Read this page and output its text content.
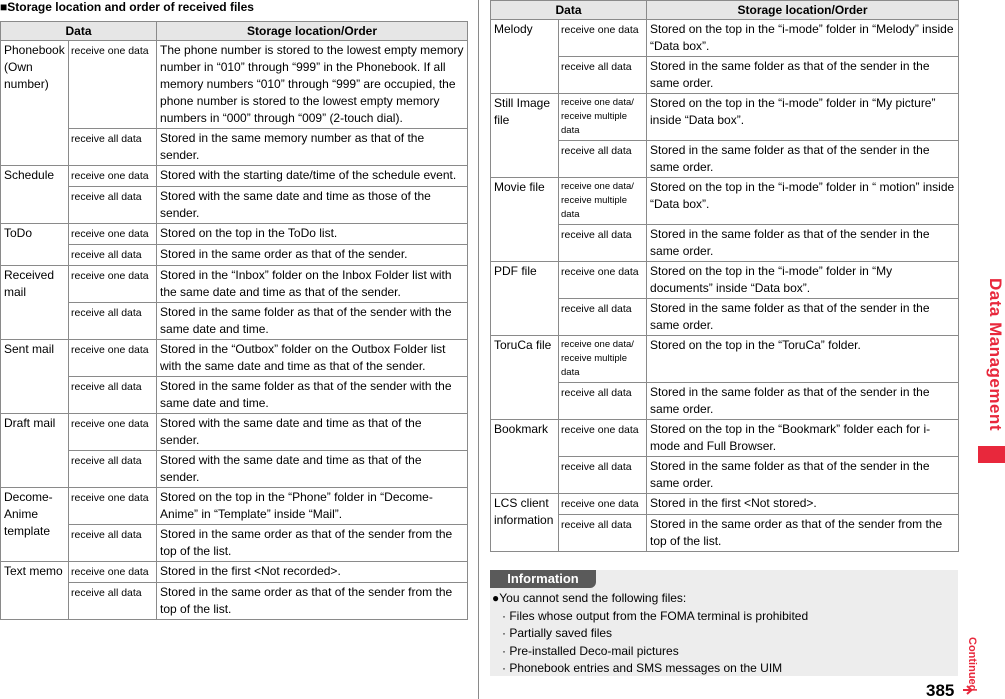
■Storage location and order of received files
Data		Storage location/Order
Phonebook (Own number)	receive one data	The phone number is stored to the lowest empty memory number in “010” through “999” in the Phonebook. If all memory numbers “010” through “999” are occupied, the phone number is stored to the lowest empty memory numbers in “000” through “009” (2-touch dial).
	receive all data	Stored in the same memory number as that of the sender.
Schedule	receive one data	Stored with the starting date/time of the schedule event.
	receive all data	Stored with the same date and time as those of the sender.
ToDo	receive one data	Stored on the top in the ToDo list.
	receive all data	Stored in the same order as that of the sender.
Received mail	receive one data	Stored in the “Inbox” folder on the Inbox Folder list with the same date and time as that of the sender.
	receive all data	Stored in the same folder as that of the sender with the same date and time.
Sent mail	receive one data	Stored in the “Outbox” folder on the Outbox Folder list with the same date and time as that of the sender.
	receive all data	Stored in the same folder as that of the sender with the same date and time.
Draft mail	receive one data	Stored with the same date and time as that of the sender.
	receive all data	Stored with the same date and time as that of the sender.
Decome-Anime template	receive one data	Stored on the top in the “Phone” folder in “Decome-Anime” in “Template” inside “Mail”.
	receive all data	Stored in the same order as that of the sender from the top of the list.
Text memo	receive one data	Stored in the first <Not recorded>.
	receive all data	Stored in the same order as that of the sender from the top of the list.
Data		Storage location/Order
Melody	receive one data	Stored on the top in the “i-mode” folder in “Melody” inside “Data box”.
	receive all data	Stored in the same folder as that of the sender in the same order.
Still Image file	receive one data/ receive multiple data	Stored on the top in the “i-mode” folder in “My picture” inside “Data box”.
	receive all data	Stored in the same folder as that of the sender in the same order.
Movie file	receive one data/ receive multiple data	Stored on the top in the “i-mode” folder in “ motion” inside “Data box”.
	receive all data	Stored in the same folder as that of the sender in the same order.
PDF file	receive one data	Stored on the top in the “i-mode” folder in “My documents” inside “Data box”.
	receive all data	Stored in the same folder as that of the sender in the same order.
ToruCa file	receive one data/ receive multiple data	Stored on the top in the “ToruCa” folder.
	receive all data	Stored in the same folder as that of the sender in the same order.
Bookmark	receive one data	Stored on the top in the “Bookmark” folder each for i-mode and Full Browser.
	receive all data	Stored in the same folder as that of the sender in the same order.
LCS client information	receive one data	Stored in the first <Not stored>.
	receive all data	Stored in the same order as that of the sender from the top of the list.
Information
●You cannot send the following files:
· Files whose output from the FOMA terminal is prohibited
· Partially saved files
· Pre-installed Deco-mail pictures
· Phonebook entries and SMS messages on the UIM
Data Management
Continued
385
